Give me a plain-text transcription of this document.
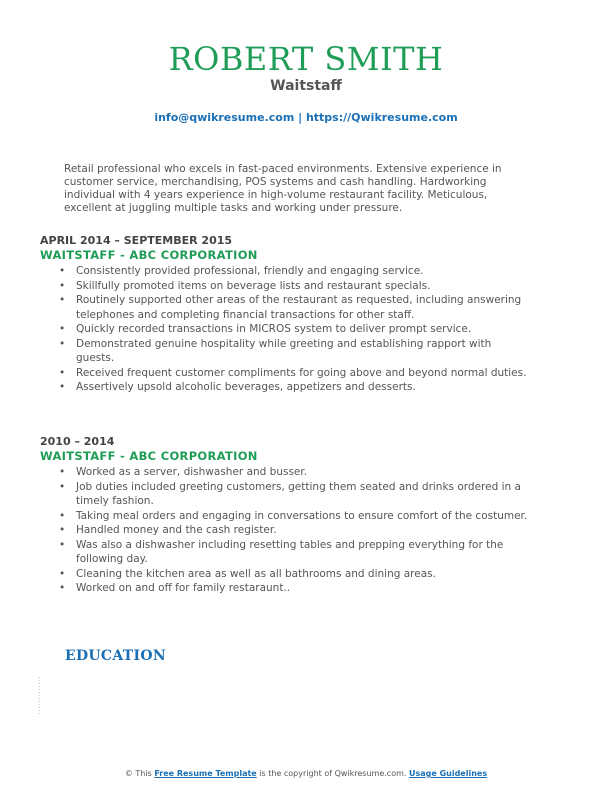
ROBERT SMITH
Waitstaff
info@qwikresume.com | https://Qwikresume.com
Retail professional who excels in fast-paced environments. Extensive experience in customer service, merchandising, POS systems and cash handling. Hardworking individual with 4 years experience in high-volume restaurant facility. Meticulous, excellent at juggling multiple tasks and working under pressure.
APRIL 2014 – SEPTEMBER 2015
WAITSTAFF - ABC CORPORATION
• Consistently provided professional, friendly and engaging service.
• Skillfully promoted items on beverage lists and restaurant specials.
• Routinely supported other areas of the restaurant as requested, including answering telephones and completing financial transactions for other staff.
• Quickly recorded transactions in MICROS system to deliver prompt service.
• Demonstrated genuine hospitality while greeting and establishing rapport with guests.
• Received frequent customer compliments for going above and beyond normal duties.
• Assertively upsold alcoholic beverages, appetizers and desserts.
2010 – 2014
WAITSTAFF - ABC CORPORATION
• Worked as a server, dishwasher and busser.
• Job duties included greeting customers, getting them seated and drinks ordered in a timely fashion.
• Taking meal orders and engaging in conversations to ensure comfort of the costumer.
• Handled money and the cash register.
• Was also a dishwasher including resetting tables and prepping everything for the following day.
• Cleaning the kitchen area as well as all bathrooms and dining areas.
• Worked on and off for family restaraunt..
EDUCATION
© This Free Resume Template is the copyright of Qwikresume.com. Usage Guidelines
